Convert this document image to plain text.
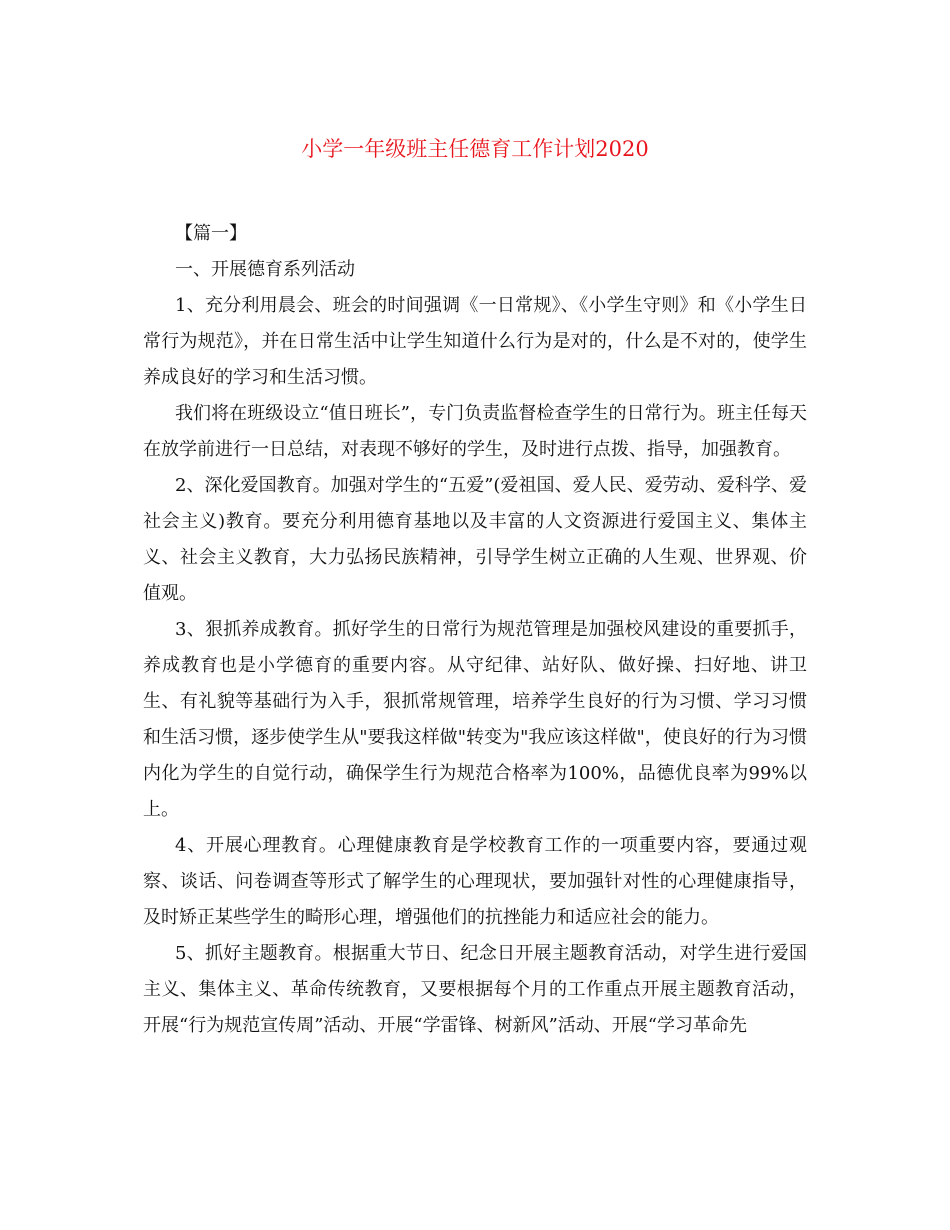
小学一年级班主任德育工作计划2020

【篇一】

一、开展德育系列活动

1、充分利用晨会、班会的时间强调《一日常规》、《小学生守则》和《小学生日常行为规范》，并在日常生活中让学生知道什么行为是对的，什么是不对的，使学生养成良好的学习和生活习惯。

我们将在班级设立“值日班长”，专门负责监督检查学生的日常行为。班主任每天在放学前进行一日总结，对表现不够好的学生，及时进行点拨、指导，加强教育。

2、深化爱国教育。加强对学生的“五爱”(爱祖国、爱人民、爱劳动、爱科学、爱社会主义)教育。要充分利用德育基地以及丰富的人文资源进行爱国主义、集体主义、社会主义教育，大力弘扬民族精神，引导学生树立正确的人生观、世界观、价值观。

3、狠抓养成教育。抓好学生的日常行为规范管理是加强校风建设的重要抓手，养成教育也是小学德育的重要内容。从守纪律、站好队、做好操、扫好地、讲卫生、有礼貌等基础行为入手，狠抓常规管理，培养学生良好的行为习惯、学习习惯和生活习惯，逐步使学生从"要我这样做"转变为"我应该这样做"，使良好的行为习惯内化为学生的自觉行动，确保学生行为规范合格率为100%，品德优良率为99%以上。

4、开展心理教育。心理健康教育是学校教育工作的一项重要内容，要通过观察、谈话、问卷调查等形式了解学生的心理现状，要加强针对性的心理健康指导，及时矫正某些学生的畸形心理，增强他们的抗挫能力和适应社会的能力。

5、抓好主题教育。根据重大节日、纪念日开展主题教育活动，对学生进行爱国主义、集体主义、革命传统教育，又要根据每个月的工作重点开展主题教育活动，开展“行为规范宣传周”活动、开展“学雷锋、树新风”活动、开展“学习革命先
